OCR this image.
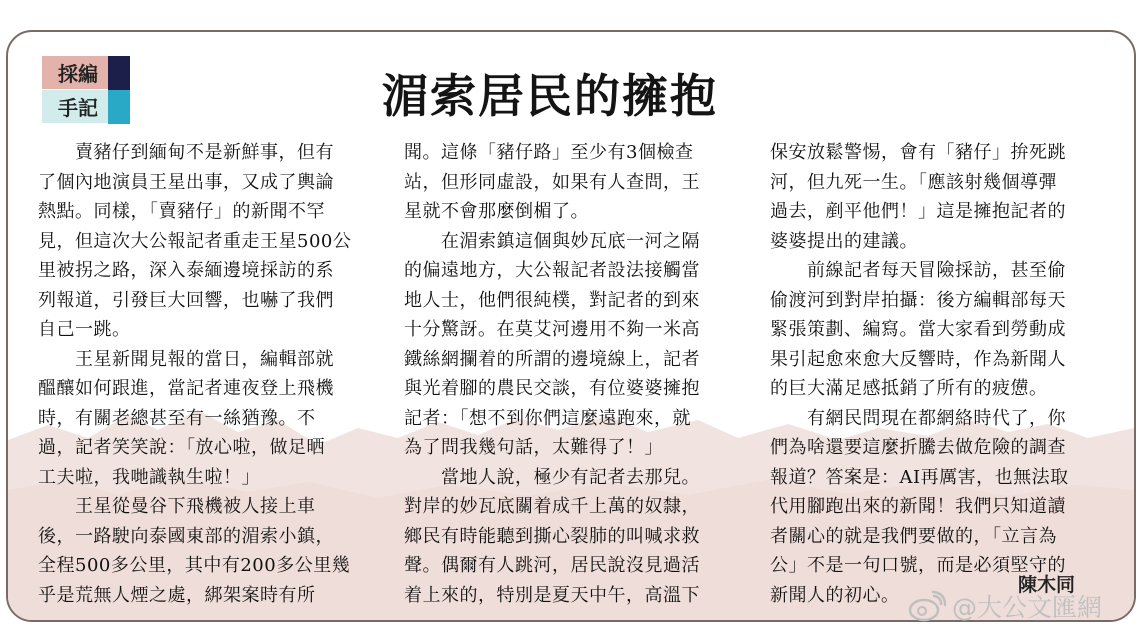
採編
手記	湄索居民的擁抱
　　賣豬仔到緬甸不是新鮮事，但有
了個內地演員王星出事，又成了輿論
熱點。同樣，「賣豬仔」的新聞不罕
見，但這次大公報記者重走王星500公
里被拐之路，深入泰緬邊境採訪的系
列報道，引發巨大回響，也嚇了我們
自己一跳。
　　王星新聞見報的當日，編輯部就
醞釀如何跟進，當記者連夜登上飛機
時，有關老總甚至有一絲猶豫。不
過，記者笑笑說：「放心啦，做足晒
工夫啦，我哋識執生啦！」
　　王星從曼谷下飛機被人接上車
後，一路駛向泰國東部的湄索小鎮，
全程500多公里，其中有200多公里幾
乎是荒無人煙之處，綁架案時有所
聞。這條「豬仔路」至少有3個檢查
站，但形同虛設，如果有人查問，王
星就不會那麼倒楣了。
　　在湄索鎮這個與妙瓦底一河之隔
的偏遠地方，大公報記者設法接觸當
地人士，他們很純樸，對記者的到來
十分驚訝。在莫艾河邊用不夠一米高
鐵絲網攔着的所謂的邊境線上，記者
與光着腳的農民交談，有位婆婆擁抱
記者：「想不到你們這麼遠跑來，就
為了問我幾句話，太難得了！」
　　當地人說，極少有記者去那兒。
對岸的妙瓦底關着成千上萬的奴隸，
鄉民有時能聽到撕心裂肺的叫喊求救
聲。偶爾有人跳河，居民說沒見過活
着上來的，特別是夏天中午，高溫下
保安放鬆警惕，會有「豬仔」拚死跳
河，但九死一生。「應該射幾個導彈
過去，剷平他們！」這是擁抱記者的
婆婆提出的建議。
　　前線記者每天冒險採訪，甚至偷
偷渡河到對岸拍攝：後方編輯部每天
緊張策劃、編寫。當大家看到勞動成
果引起愈來愈大反響時，作為新聞人
的巨大滿足感抵銷了所有的疲憊。
　　有網民問現在都網絡時代了，你
們為啥還要這麼折騰去做危險的調查
報道？答案是：AI再厲害，也無法取
代用腳跑出來的新聞！我們只知道讀
者關心的就是我們要做的，「立言為
公」不是一句口號，而是必須堅守的
新聞人的初心。	陳木同
@大公文匯網
